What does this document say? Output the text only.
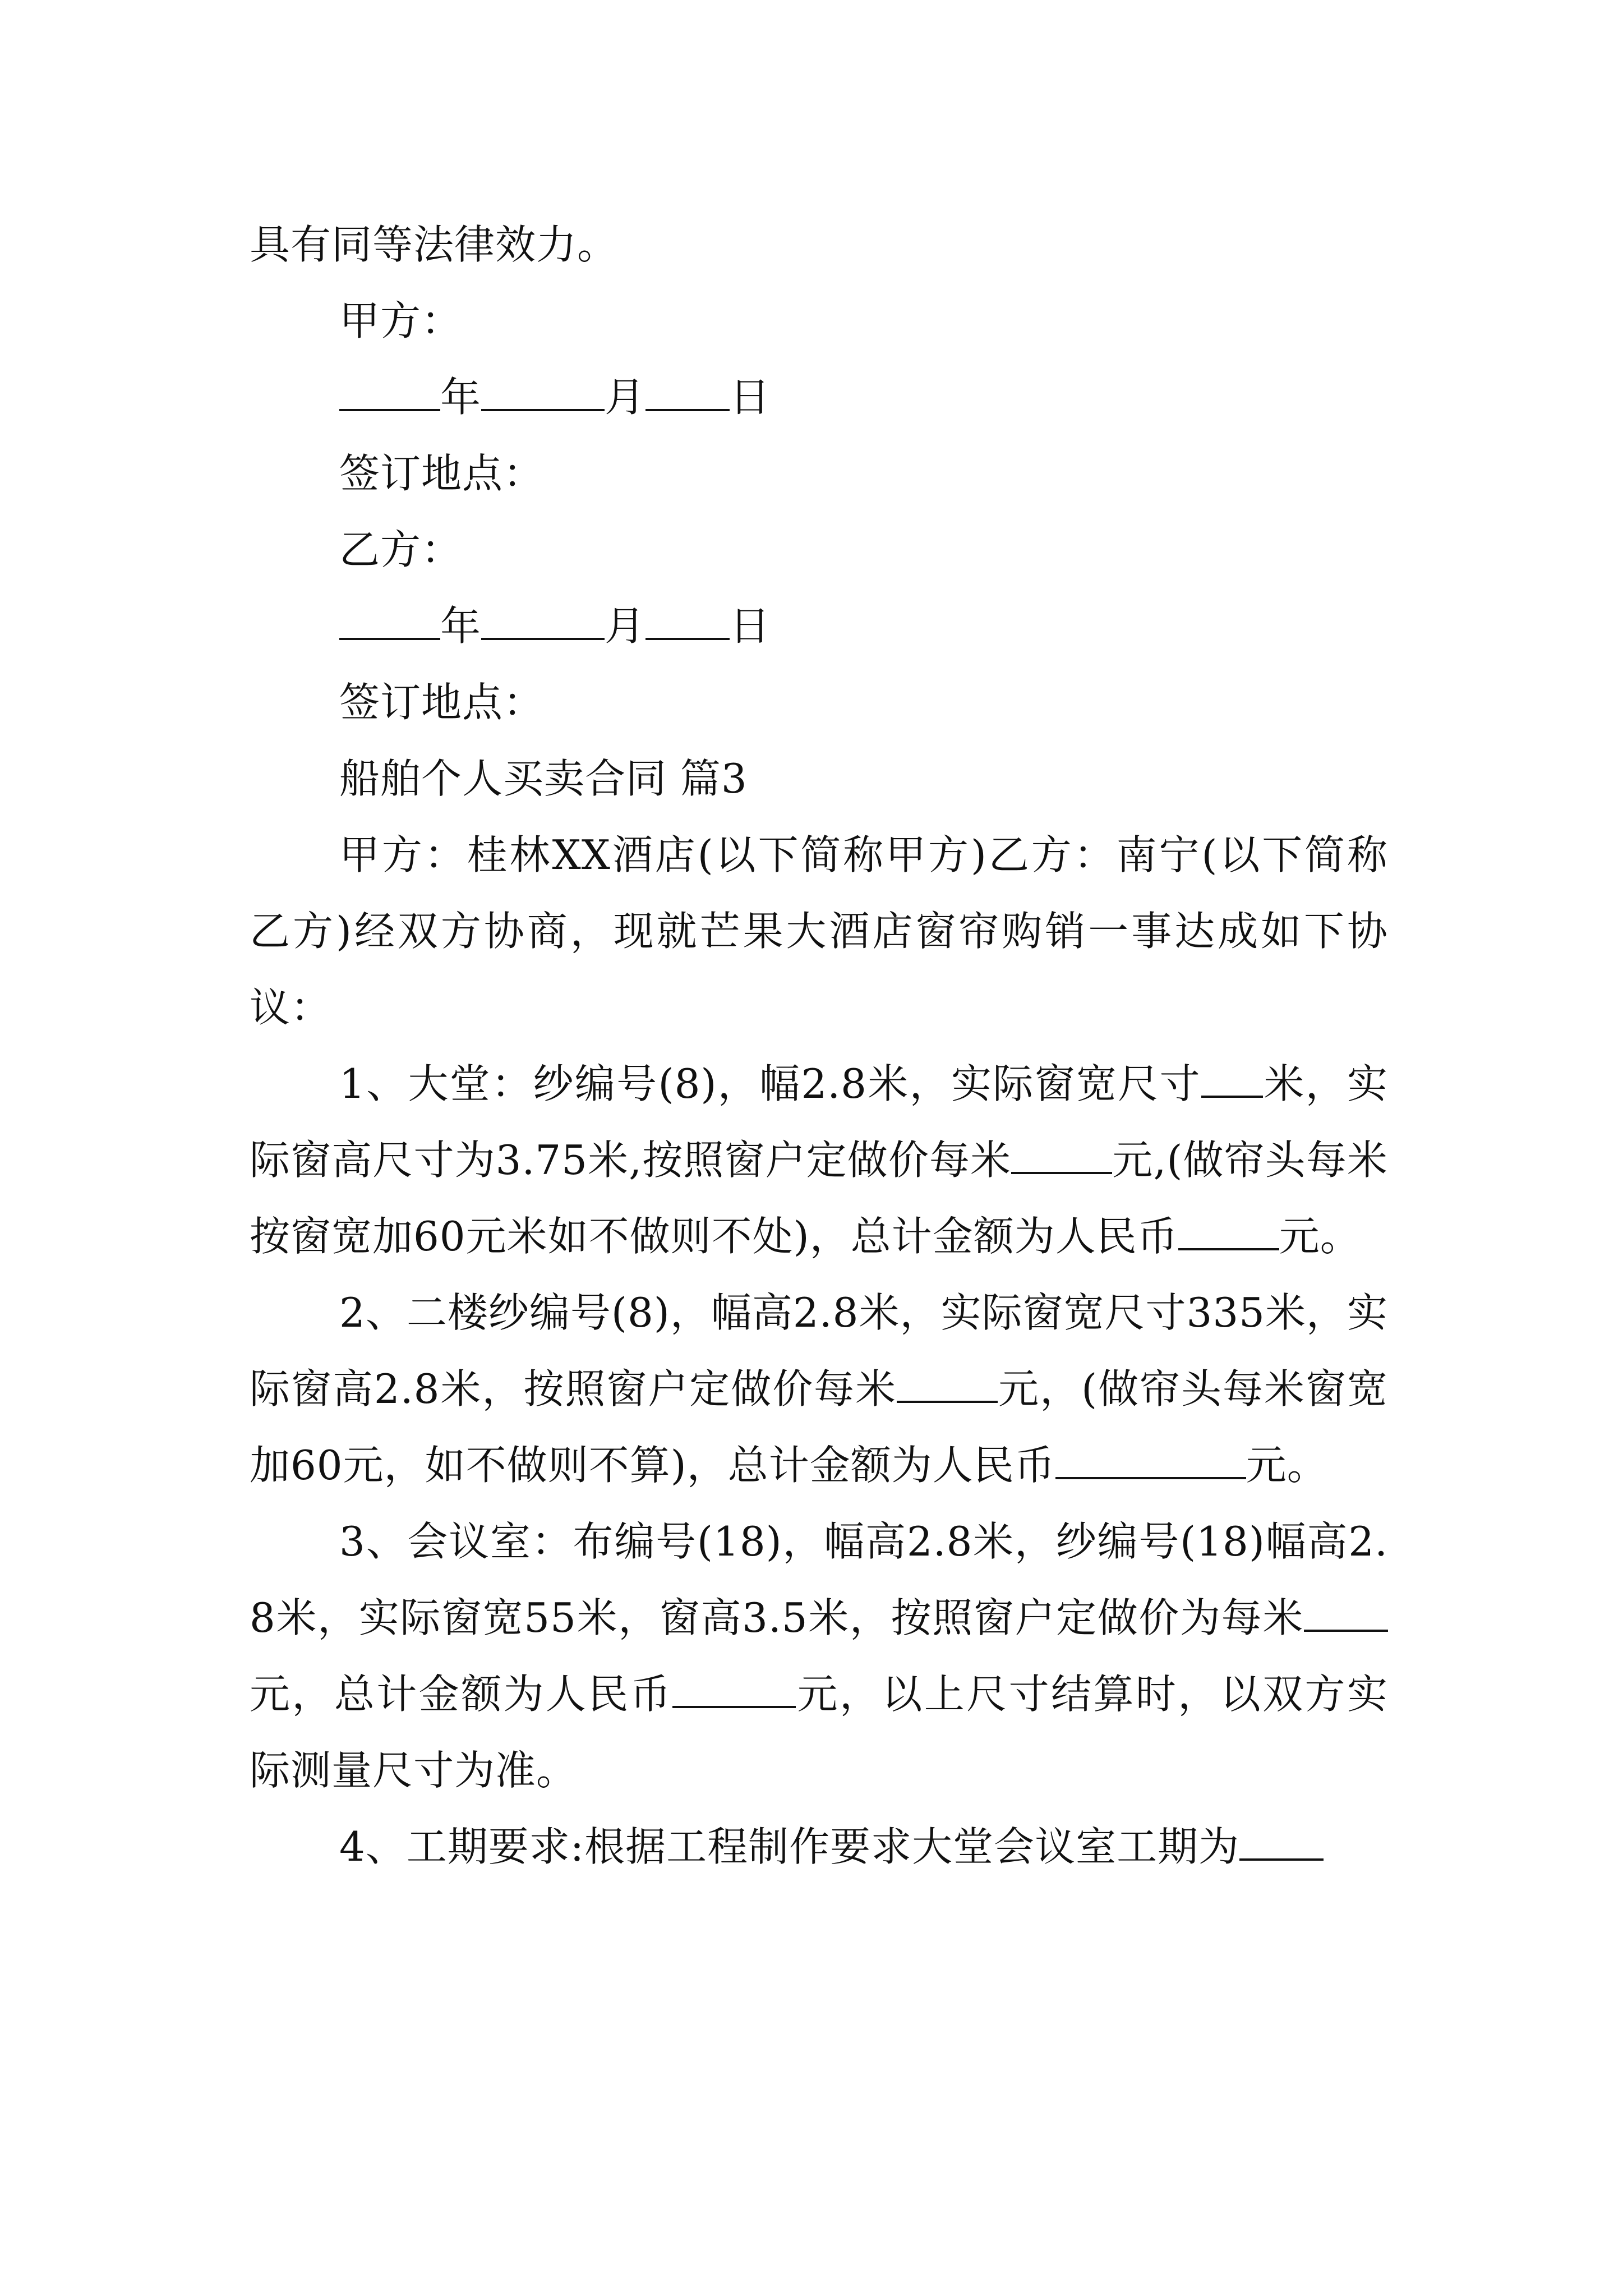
具有同等法律效力。

甲方：

年	月 日

签订地点：

乙方：

年	月 日

签订地点：

船舶个人买卖合同 篇3

甲方：桂林XX酒店(以下简称甲方)乙方：南宁(以下简称乙方)经双方协商，现就芒果大酒店窗帘购销一事达成如下协议：

1、大堂：纱编号(8)，幅2.8米，实际窗宽尺寸 米，实际窗高尺寸为3.75米,按照窗户定做价每米	元,(做帘头每米按窗宽加60元米如不做则不处)，总计金额为人民币	元。

2、二楼纱编号(8)，幅高2.8米，实际窗宽尺寸335米，实际窗高2.8米，按照窗户定做价每米	元，(做帘头每米窗宽加60元，如不做则不算)，总计金额为人民币	元。

3、会议室：布编号(18)，幅高2.8米，纱编号(18)幅高2.8米，实际窗宽55米，窗高3.5米，按照窗户定做价为每米元，总计金额为人民币	元，以上尺寸结算时，以双方实际测量尺寸为准。

4、工期要求:根据工程制作要求大堂会议室工期为
